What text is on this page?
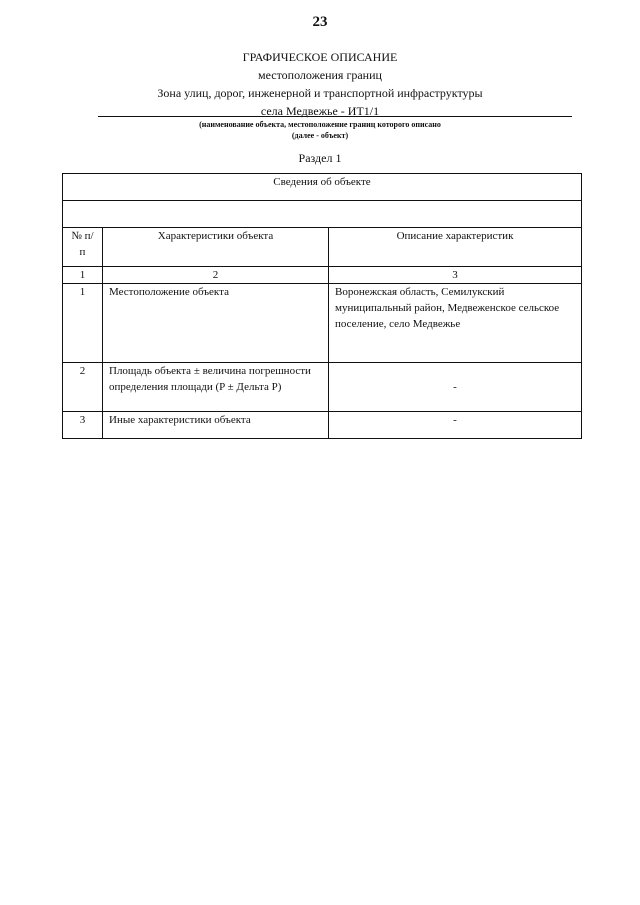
23
ГРАФИЧЕСКОЕ ОПИСАНИЕ
местоположения границ
Зона улиц, дорог, инженерной и транспортной инфраструктуры
села Медвежье - ИТ1/1
(наименование объекта, местоположение границ которого описано
(далее - объект)
Раздел 1
Сведения об объекте		

№ п/п	Характеристики объекта	Описание характеристик
1	2	3
1	Местоположение объекта	Воронежская область, Семилукский муниципальный район, Медвеженское сельское поселение, село Медвежье
2	Площадь объекта ± величина погрешности определения площади (P ± Дельта P)	-
3	Иные характеристики объекта	-
